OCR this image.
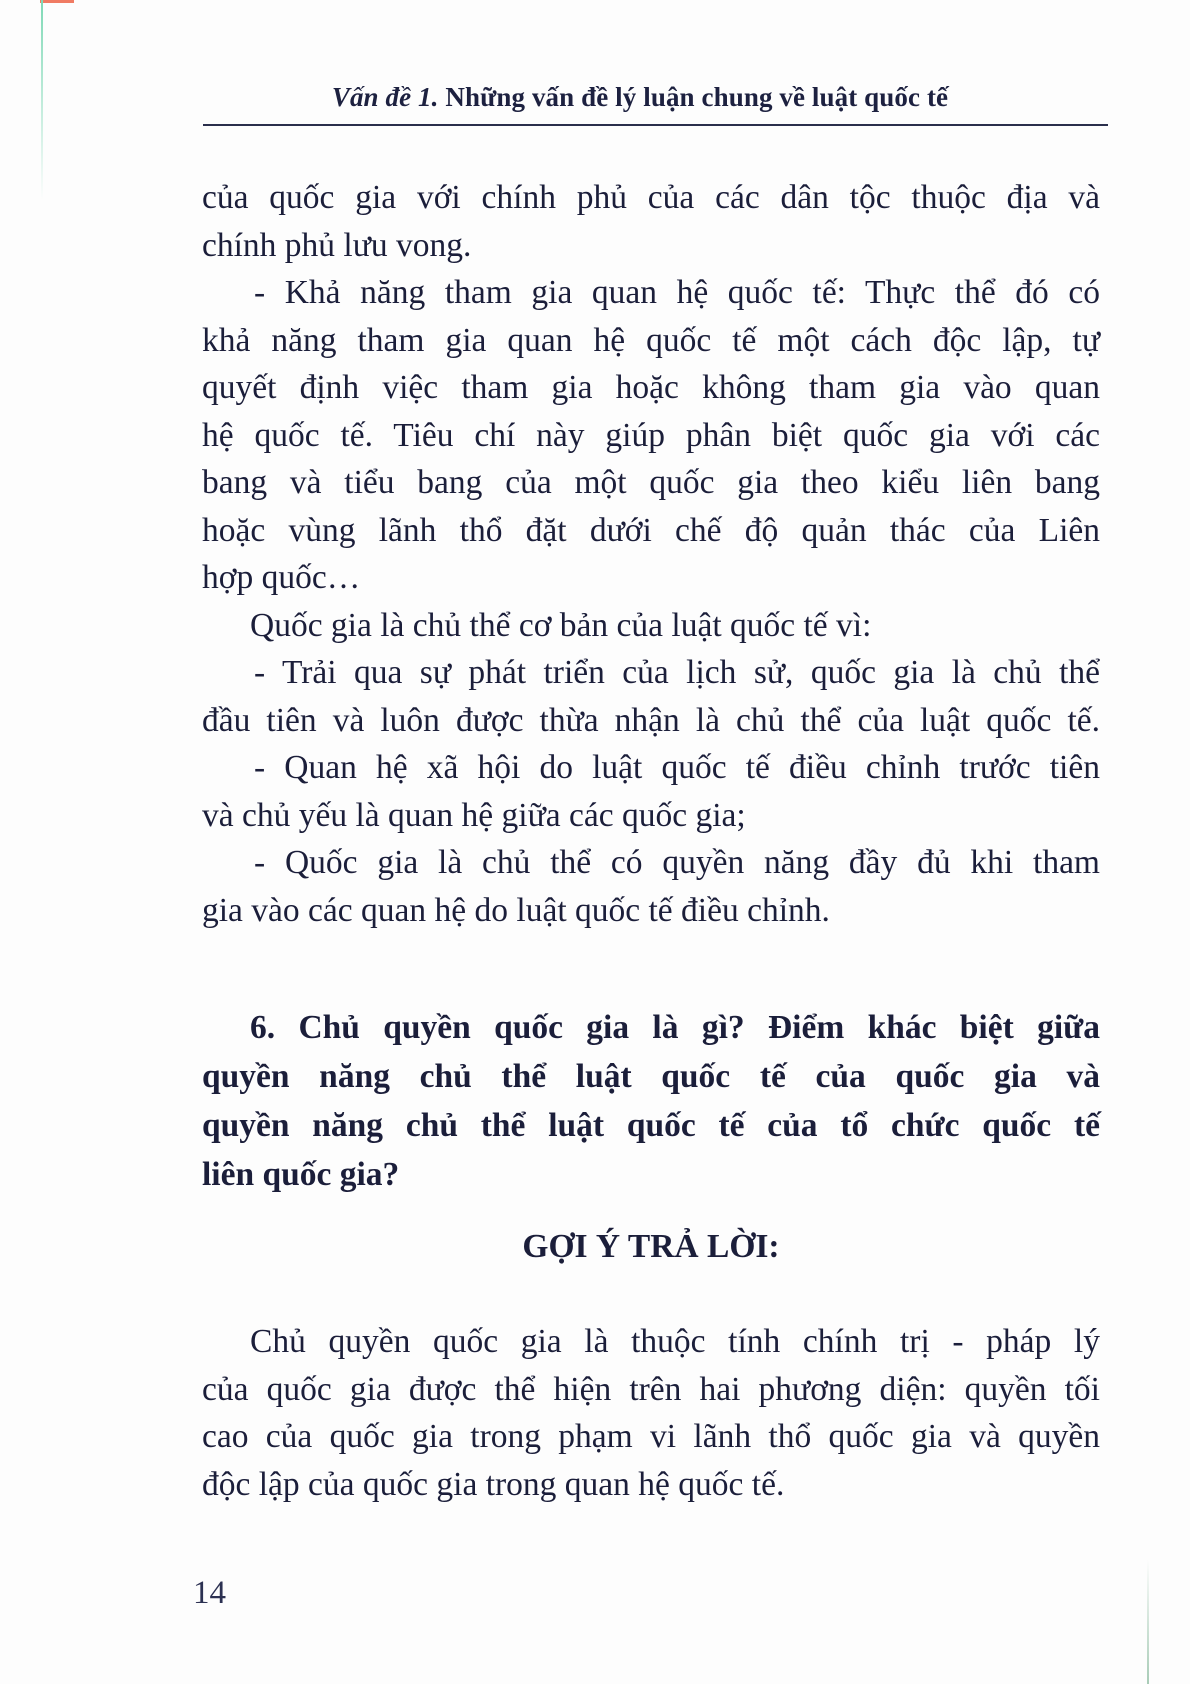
Vấn đề 1. Những vấn đề lý luận chung về luật quốc tế
của quốc gia với chính phủ của các dân tộc thuộc địa và
chính phủ lưu vong.
- Khả năng tham gia quan hệ quốc tế: Thực thể đó có
khả năng tham gia quan hệ quốc tế một cách độc lập, tự
quyết định việc tham gia hoặc không tham gia vào quan
hệ quốc tế. Tiêu chí này giúp phân biệt quốc gia với các
bang và tiểu bang của một quốc gia theo kiểu liên bang
hoặc vùng lãnh thổ đặt dưới chế độ quản thác của Liên
hợp quốc…
Quốc gia là chủ thể cơ bản của luật quốc tế vì:
- Trải qua sự phát triển của lịch sử, quốc gia là chủ thể
đầu tiên và luôn được thừa nhận là chủ thể của luật quốc tế.
- Quan hệ xã hội do luật quốc tế điều chỉnh trước tiên
và chủ yếu là quan hệ giữa các quốc gia;
- Quốc gia là chủ thể có quyền năng đầy đủ khi tham
gia vào các quan hệ do luật quốc tế điều chỉnh.
6. Chủ quyền quốc gia là gì? Điểm khác biệt giữa
quyền năng chủ thể luật quốc tế của quốc gia và
quyền năng chủ thể luật quốc tế của tổ chức quốc tế
liên quốc gia?
GỢI Ý TRẢ LỜI:
Chủ quyền quốc gia là thuộc tính chính trị - pháp lý
của quốc gia được thể hiện trên hai phương diện: quyền tối
cao của quốc gia trong phạm vi lãnh thổ quốc gia và quyền
độc lập của quốc gia trong quan hệ quốc tế.
14
